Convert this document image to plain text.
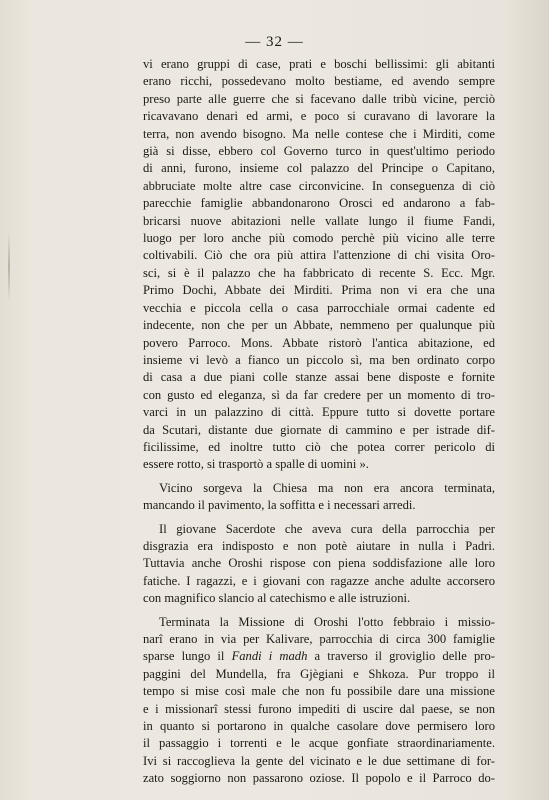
— 32 —
vi erano gruppi di case, prati e boschi bellissimi: gli abitanti
erano ricchi, possedevano molto bestiame, ed avendo sempre
preso parte alle guerre che si facevano dalle tribù vicine, perciò
ricavavano denari ed armi, e poco si curavano di lavorare la
terra, non avendo bisogno. Ma nelle contese che i Mirditi, come
già si disse, ebbero col Governo turco in quest'ultimo periodo
di anni, furono, insieme col palazzo del Principe o Capitano,
abbruciate molte altre case circonvicine. In conseguenza di ciò
parecchie famiglie abbandonarono Orosci ed andarono a fab-
bricarsi nuove abitazioni nelle vallate lungo il fiume Fandi,
luogo per loro anche più comodo perchè più vicino alle terre
coltivabili. Ciò che ora più attira l'attenzione di chi visita Oro-
sci, si è il palazzo che ha fabbricato di recente S. Ecc. Mgr.
Primo Dochi, Abbate dei Mirditi. Prima non vi era che una
vecchia e piccola cella o casa parrocchiale ormai cadente ed
indecente, non che per un Abbate, nemmeno per qualunque più
povero Parroco. Mons. Abbate ristorò l'antica abitazione, ed
insieme vi levò a fianco un piccolo sì, ma ben ordinato corpo
di casa a due piani colle stanze assai bene disposte e fornite
con gusto ed eleganza, sì da far credere per un momento di tro-
varci in un palazzino di città. Eppure tutto si dovette portare
da Scutari, distante due giornate di cammino e per istrade dif-
ficilissime, ed inoltre tutto ciò che potea correr pericolo di
essere rotto, si trasportò a spalle di uomini ».
Vicino sorgeva la Chiesa ma non era ancora terminata,
mancando il pavimento, la soffitta e i necessari arredi.
Il giovane Sacerdote che aveva cura della parrocchia per
disgrazia era indisposto e non potè aiutare in nulla i Padri.
Tuttavia anche Oroshi rispose con piena soddisfazione alle loro
fatiche. I ragazzi, e i giovani con ragazze anche adulte accorsero
con magnifico slancio al catechismo e alle istruzioni.
Terminata la Missione di Oroshi l'otto febbraio i missio-
narî erano in via per Kalivare, parrocchia di circa 300 famiglie
sparse lungo il Fandi i madh a traverso il groviglio delle pro-
paggini del Mundella, fra Gjègiani e Shkoza. Pur troppo il
tempo si mise così male che non fu possibile dare una missione
e i missionarî stessi furono impediti di uscire dal paese, se non
in quanto si portarono in qualche casolare dove permisero loro
il passaggio i torrenti e le acque gonfiate straordinariamente.
Ivi si raccoglieva la gente del vicinato e le due settimane di for-
zato soggiorno non passarono oziose. Il popolo e il Parroco do-
